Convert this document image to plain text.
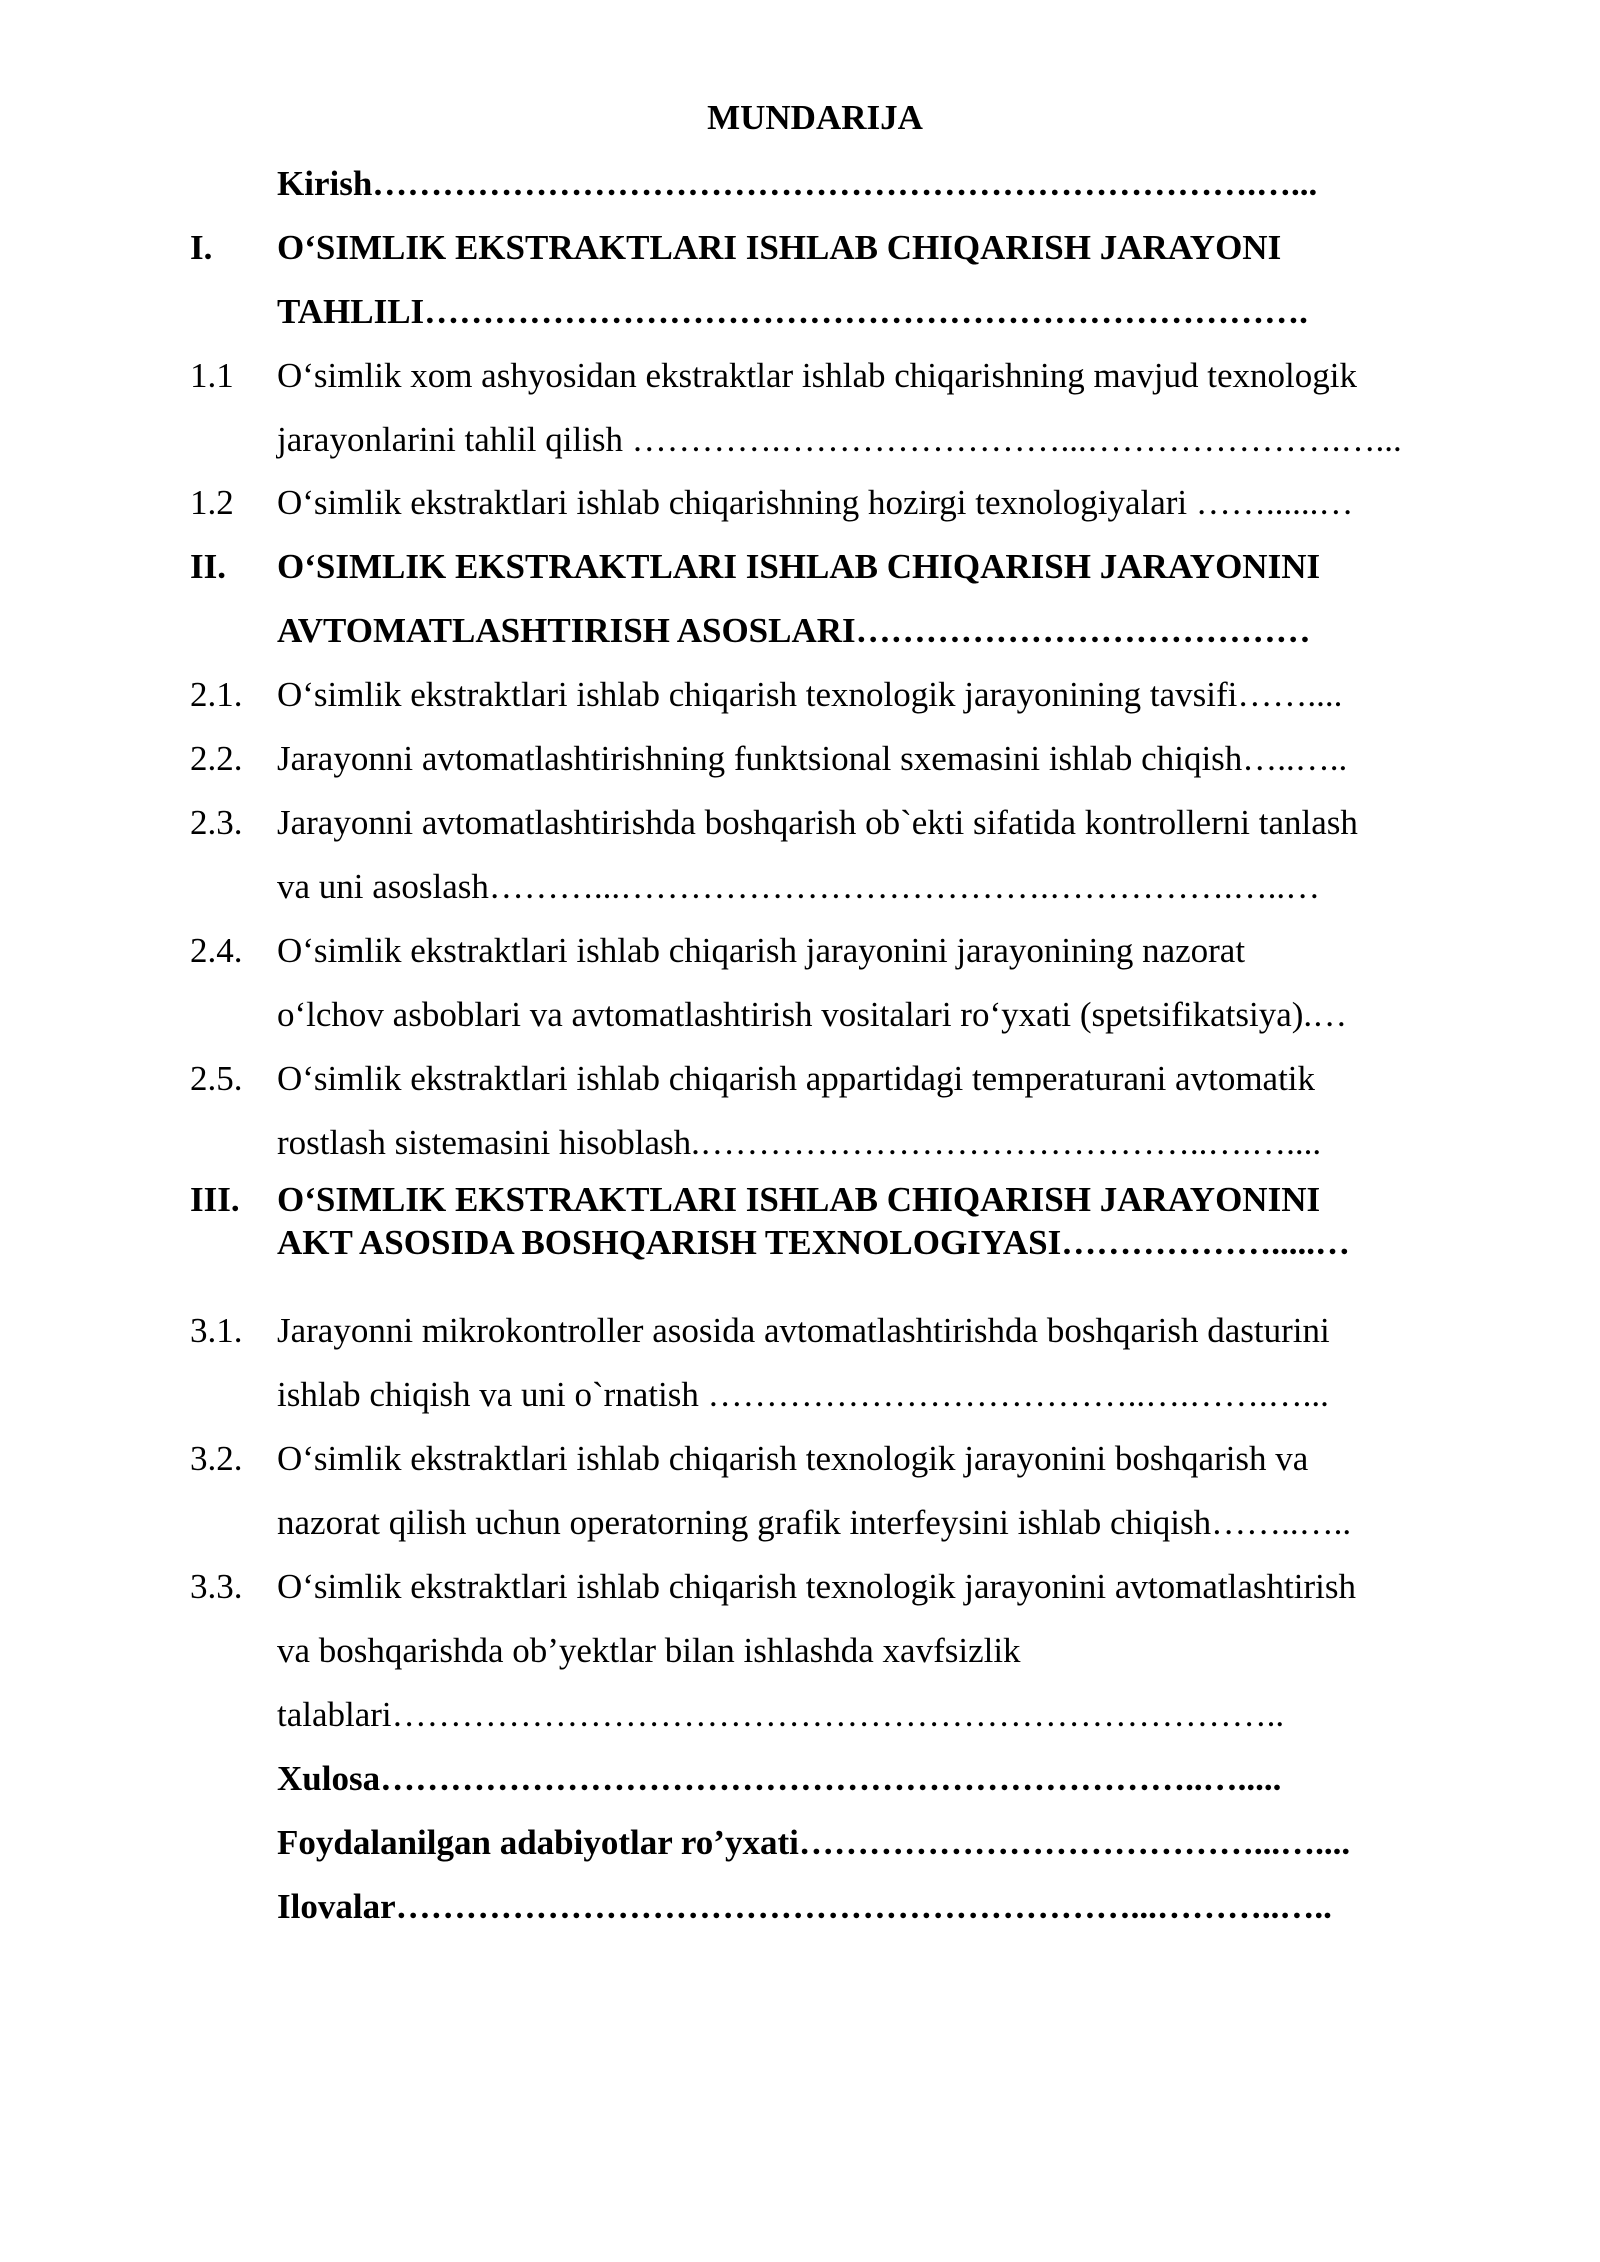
MUNDARIJA
Kirish………………………………………………………………….…...
I.	O‘SIMLIK EKSTRAKTLARI ISHLAB CHIQARISH JARAYONI
TAHLILI………………………………………………………………….
1.1	O‘simlik xom ashyosidan ekstraktlar ishlab chiqarishning mavjud texnologik
jarayonlarini tahlil qilish ………….……………………...………………….…...
1.2	O‘simlik ekstraktlari ishlab chiqarishning hozirgi texnologiyalari ……......…
II.	O‘SIMLIK EKSTRAKTLARI ISHLAB CHIQARISH JARAYONINI
AVTOMATLASHTIRISH ASOSLARI…………………………………
2.1. O‘simlik ekstraktlari ishlab chiqarish texnologik jarayonining tavsifi……....
2.2. Jarayonni avtomatlashtirishning funktsional sxemasini ishlab chiqish…..…..
2.3. Jarayonni avtomatlashtirishda boshqarish ob`ekti sifatida kontrollerni tanlash
va uni asoslash………...……………………………….…………….…..…
2.4. O‘simlik ekstraktlari ishlab chiqarish jarayonini jarayonining nazorat
o‘lchov asboblari va avtomatlashtirish vositalari ro‘yxati (spetsifikatsiya).…
2.5. O‘simlik ekstraktlari ishlab chiqarish appartidagi temperaturani avtomatik
rostlash sistemasini hisoblash.……………………………………..….…....
III.	O‘SIMLIK EKSTRAKTLARI ISHLAB CHIQARISH JARAYONINI
AKT ASOSIDA BOSHQARISH TEXNOLOGIYASI……………….....…
3.1. Jarayonni mikrokontroller asosida avtomatlashtirishda boshqarish dasturini
ishlab chiqish va uni o`rnatish ………………………………..….…….…...
3.2. O‘simlik ekstraktlari ishlab chiqarish texnologik jarayonini boshqarish va
nazorat qilish uchun operatorning grafik interfeysini ishlab chiqish……..…..
3.3. O‘simlik ekstraktlari ishlab chiqarish texnologik jarayonini avtomatlashtirish
va boshqarishda ob’yektlar bilan ishlashda xavfsizlik
talablari…………………………………………………………………..
Xulosa……………………………………………………………..….....
Foydalanilgan adabiyotlar ro’yxati…………………………………...…....
Ilovalar………………………………………………………...………..…..
